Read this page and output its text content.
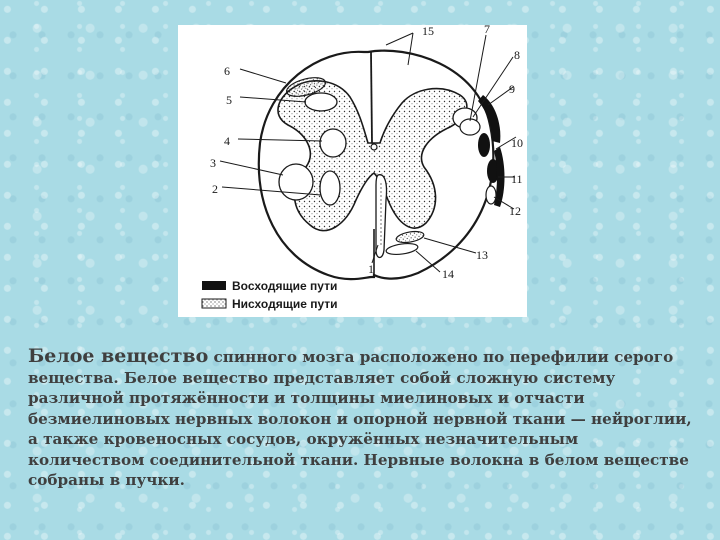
15	7
8
9
10
11
12
6
5
4
3
2
1
13
14
Восходящие пути
Нисходящие пути
Белое вещество спинного мозга расположено по перефилии серого вещества. Белое вещество представляет собой сложную систему различной протяжённости и толщины миелиновых и отчасти безмиелиновых нервных волокон и опорной нервной ткани — нейроглии, а также кровеносных сосудов, окружённых незначительным количеством соединительной ткани. Нервные волокна в белом веществе собраны в пучки.
